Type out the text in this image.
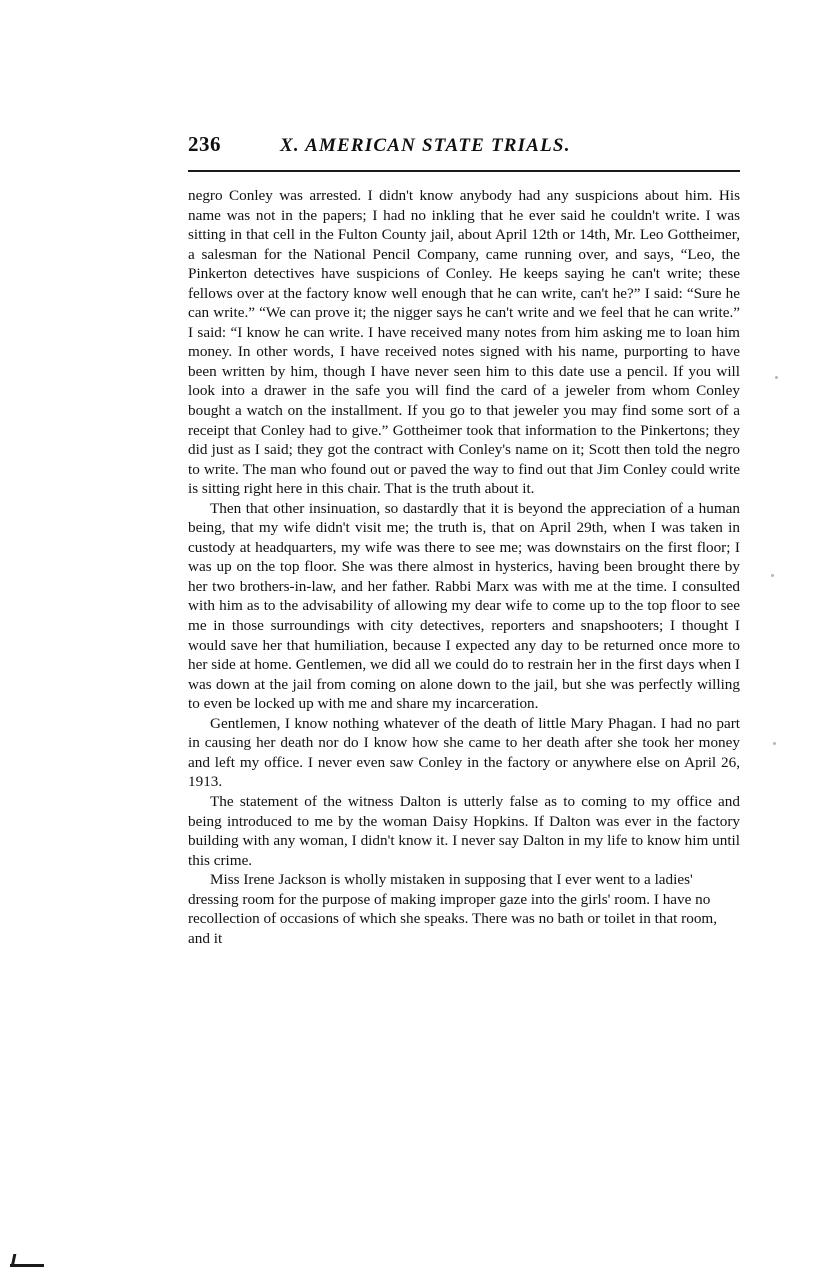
236	X. AMERICAN STATE TRIALS.

negro Conley was arrested. I didn't know anybody had any suspicions about him. His name was not in the papers; I had no inkling that he ever said he couldn't write. I was sitting in that cell in the Fulton County jail, about April 12th or 14th, Mr. Leo Gottheimer, a salesman for the National Pencil Company, came running over, and says, “Leo, the Pinkerton detectives have suspicions of Conley. He keeps saying he can't write; these fellows over at the factory know well enough that he can write, can't he?” I said: “Sure he can write.” “We can prove it; the nigger says he can't write and we feel that he can write.” I said: “I know he can write. I have received many notes from him asking me to loan him money. In other words, I have received notes signed with his name, purporting to have been written by him, though I have never seen him to this date use a pencil. If you will look into a drawer in the safe you will find the card of a jeweler from whom Conley bought a watch on the installment. If you go to that jeweler you may find some sort of a receipt that Conley had to give.” Gottheimer took that information to the Pinkertons; they did just as I said; they got the contract with Conley's name on it; Scott then told the negro to write. The man who found out or paved the way to find out that Jim Conley could write is sitting right here in this chair. That is the truth about it.

Then that other insinuation, so dastardly that it is beyond the appreciation of a human being, that my wife didn't visit me; the truth is, that on April 29th, when I was taken in custody at headquarters, my wife was there to see me; was downstairs on the first floor; I was up on the top floor. She was there almost in hysterics, having been brought there by her two brothers-in-law, and her father. Rabbi Marx was with me at the time. I consulted with him as to the advisability of allowing my dear wife to come up to the top floor to see me in those surroundings with city detectives, reporters and snapshooters; I thought I would save her that humiliation, because I expected any day to be returned once more to her side at home. Gentlemen, we did all we could do to restrain her in the first days when I was down at the jail from coming on alone down to the jail, but she was perfectly willing to even be locked up with me and share my incarceration.

Gentlemen, I know nothing whatever of the death of little Mary Phagan. I had no part in causing her death nor do I know how she came to her death after she took her money and left my office. I never even saw Conley in the factory or anywhere else on April 26, 1913.

The statement of the witness Dalton is utterly false as to coming to my office and being introduced to me by the woman Daisy Hopkins. If Dalton was ever in the factory building with any woman, I didn't know it. I never say Dalton in my life to know him until this crime.

Miss Irene Jackson is wholly mistaken in supposing that I ever went to a ladies' dressing room for the purpose of making improper gaze into the girls' room. I have no recollection of occasions of which she speaks. There was no bath or toilet in that room, and it
